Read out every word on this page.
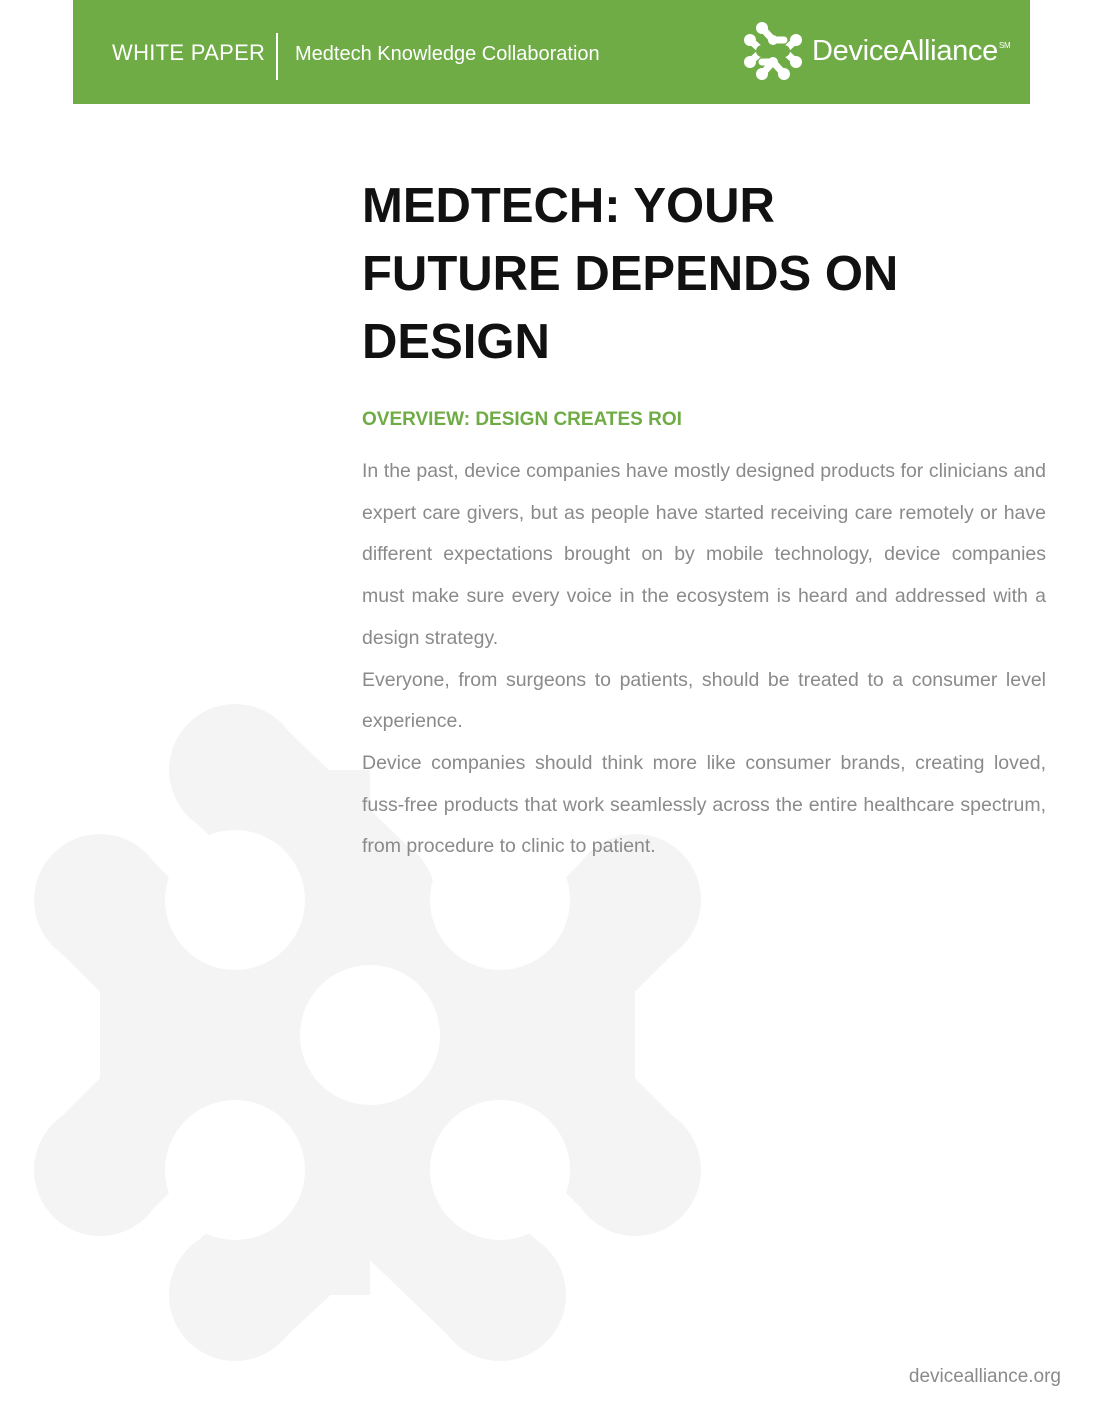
WHITE PAPER Medtech Knowledge Collaboration	DeviceAlliance℠
MEDTECH: YOUR
FUTURE DEPENDS ON
DESIGN
OVERVIEW: DESIGN CREATES ROI

In the past, device companies have mostly designed products for clinicians and expert care givers, but as people have started receiving care remotely or have different expectations brought on by mobile technology, device companies must make sure every voice in the ecosystem is heard and addressed with a design strategy.

Everyone, from surgeons to patients, should be treated to a consumer level experience.

Device companies should think more like consumer brands, creating loved, fuss-free products that work seamlessly across the entire healthcare spectrum, from procedure to clinic to patient.

devicealliance.org
